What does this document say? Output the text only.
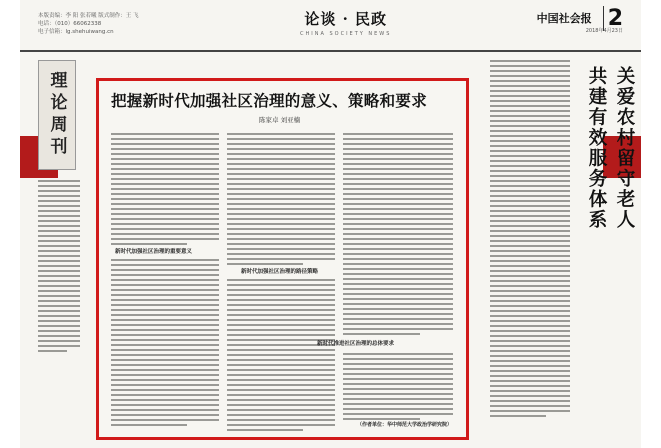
本版责编：李 阳 张若曦 版式制作：王 飞
电话：（010）66062338
电子信箱：lg.shehuiwang.cn
论谈 · 民政
CHINA SOCIETY NEWS
中国社会报 2
2018年4月23日
理论周刊	把握新时代加强社区治理的意义、策略和要求
陈家卓 刘亚楠
新时代加强社区治理的重要意义
新时代加强社区治理的路径策略
新时代推进社区治理的总体要求
（作者单位：华中师范大学政治学研究院）
关爱农村留守老人
共建有效服务体系
